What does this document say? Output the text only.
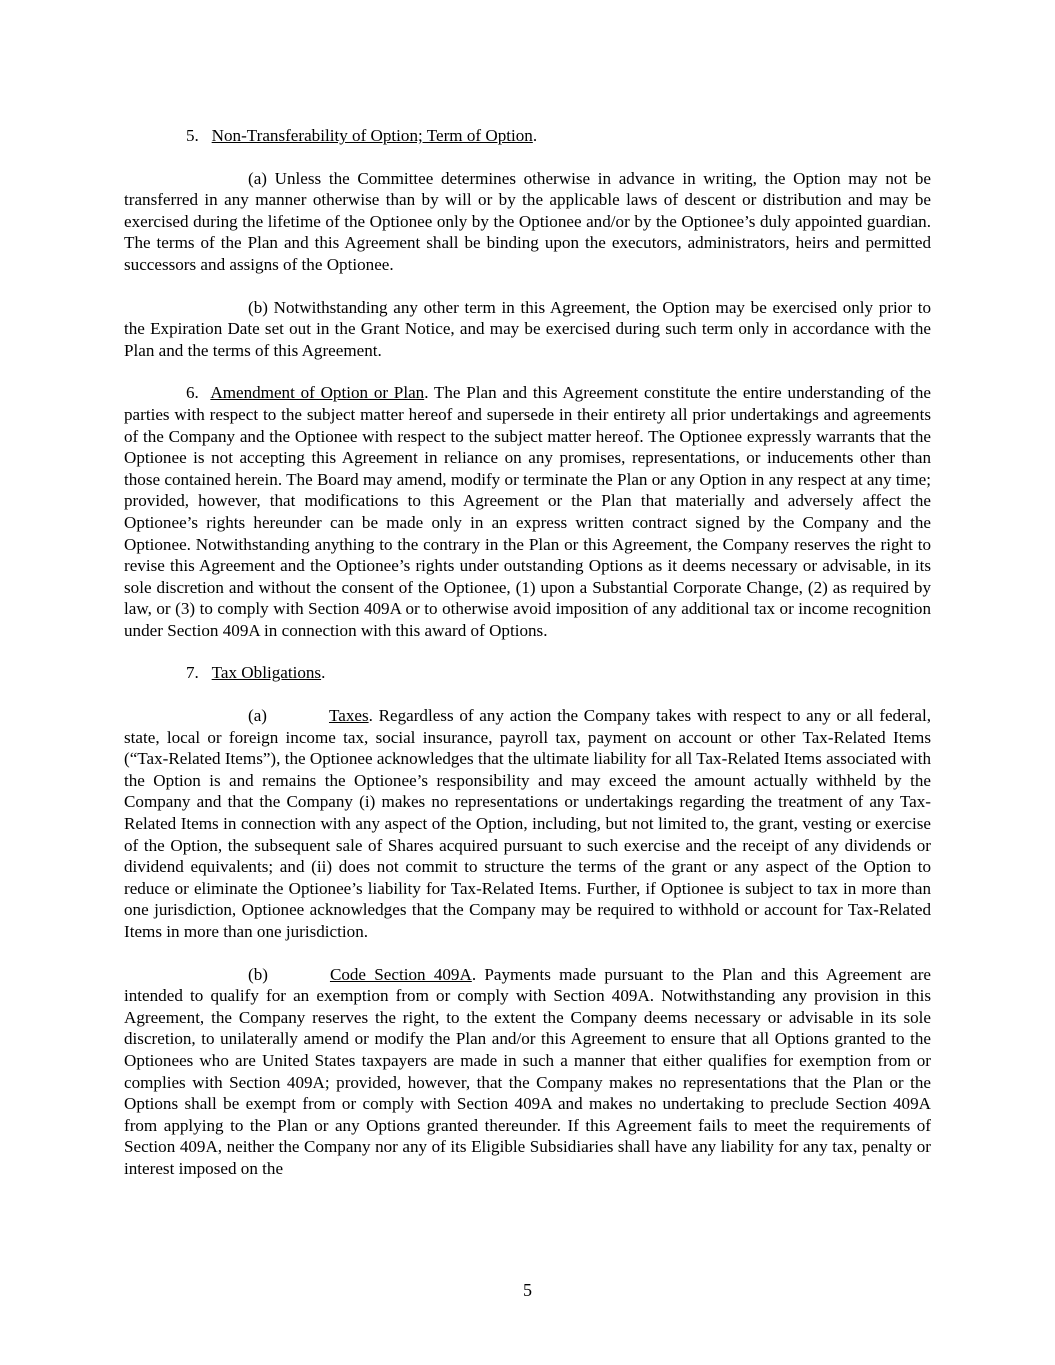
5. Non-Transferability of Option; Term of Option.

(a) Unless the Committee determines otherwise in advance in writing, the Option may not be transferred in any manner otherwise than by will or by the applicable laws of descent or distribution and may be exercised during the lifetime of the Optionee only by the Optionee and/or by the Optionee’s duly appointed guardian. The terms of the Plan and this Agreement shall be binding upon the executors, administrators, heirs and permitted successors and assigns of the Optionee.

(b) Notwithstanding any other term in this Agreement, the Option may be exercised only prior to the Expiration Date set out in the Grant Notice, and may be exercised during such term only in accordance with the Plan and the terms of this Agreement.

6. Amendment of Option or Plan. The Plan and this Agreement constitute the entire understanding of the parties with respect to the subject matter hereof and supersede in their entirety all prior undertakings and agreements of the Company and the Optionee with respect to the subject matter hereof. The Optionee expressly warrants that the Optionee is not accepting this Agreement in reliance on any promises, representations, or inducements other than those contained herein. The Board may amend, modify or terminate the Plan or any Option in any respect at any time; provided, however, that modifications to this Agreement or the Plan that materially and adversely affect the Optionee’s rights hereunder can be made only in an express written contract signed by the Company and the Optionee. Notwithstanding anything to the contrary in the Plan or this Agreement, the Company reserves the right to revise this Agreement and the Optionee’s rights under outstanding Options as it deems necessary or advisable, in its sole discretion and without the consent of the Optionee, (1) upon a Substantial Corporate Change, (2) as required by law, or (3) to comply with Section 409A or to otherwise avoid imposition of any additional tax or income recognition under Section 409A in connection with this award of Options.

7. Tax Obligations.

(a)	Taxes. Regardless of any action the Company takes with respect to any or all federal, state, local or foreign income tax, social insurance, payroll tax, payment on account or other Tax-Related Items (“Tax-Related Items”), the Optionee acknowledges that the ultimate liability for all Tax-Related Items associated with the Option is and remains the Optionee’s responsibility and may exceed the amount actually withheld by the Company and that the Company (i) makes no representations or undertakings regarding the treatment of any Tax-Related Items in connection with any aspect of the Option, including, but not limited to, the grant, vesting or exercise of the Option, the subsequent sale of Shares acquired pursuant to such exercise and the receipt of any dividends or dividend equivalents; and (ii) does not commit to structure the terms of the grant or any aspect of the Option to reduce or eliminate the Optionee’s liability for Tax-Related Items. Further, if Optionee is subject to tax in more than one jurisdiction, Optionee acknowledges that the Company may be required to withhold or account for Tax-Related Items in more than one jurisdiction.

(b)	Code Section 409A. Payments made pursuant to the Plan and this Agreement are intended to qualify for an exemption from or comply with Section 409A. Notwithstanding any provision in this Agreement, the Company reserves the right, to the extent the Company deems necessary or advisable in its sole discretion, to unilaterally amend or modify the Plan and/or this Agreement to ensure that all Options granted to the Optionees who are United States taxpayers are made in such a manner that either qualifies for exemption from or complies with Section 409A; provided, however, that the Company makes no representations that the Plan or the Options shall be exempt from or comply with Section 409A and makes no undertaking to preclude Section 409A from applying to the Plan or any Options granted thereunder. If this Agreement fails to meet the requirements of Section 409A, neither the Company nor any of its Eligible Subsidiaries shall have any liability for any tax, penalty or interest imposed on the

5
